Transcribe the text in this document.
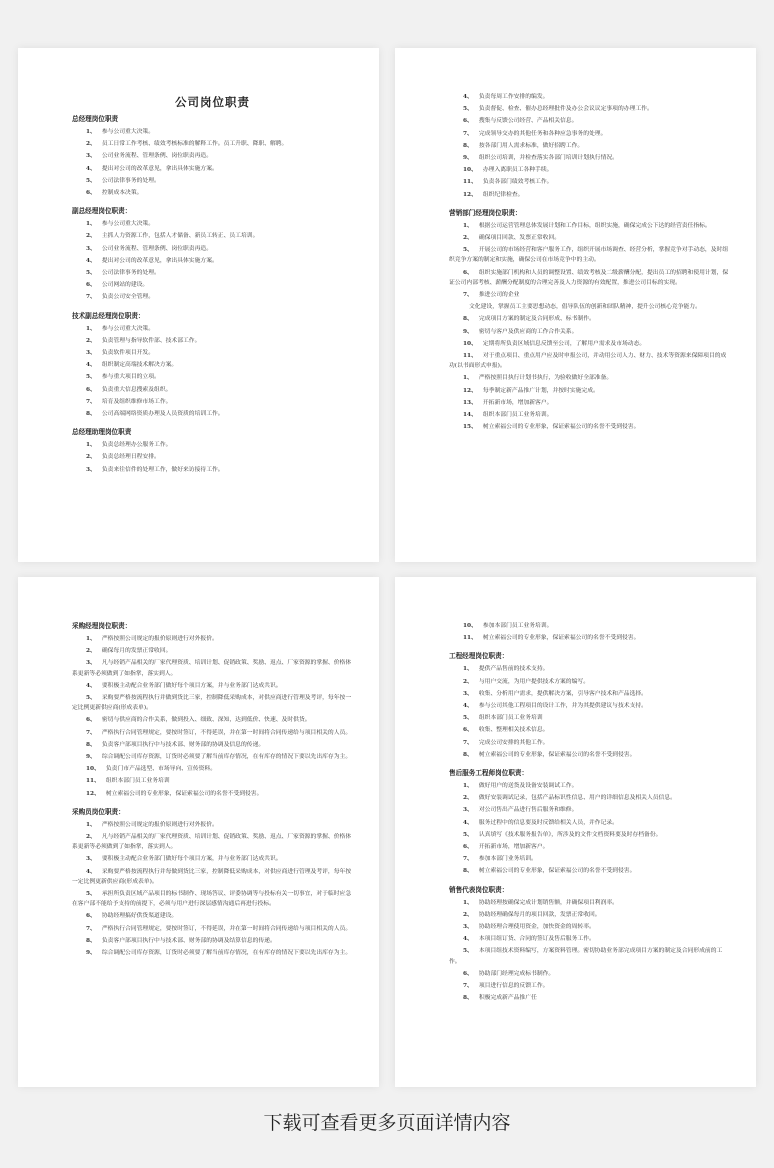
公司岗位职责
总经理岗位职责
1、 参与公司重大决策。
2、 员工日常工作考核、绩效考核标准的解释工作。员工升职、降职、解聘。
3、 公司业务流程、管理条例、岗位职责再造。
4、 提出对公司的改革意见，拿出具体实施方案。
5、 公司法律事务的处理。
6、 控制成本决策。
副总经理岗位职责：
1、 参与公司重大决策。
2、 主抓人力资源工作，包括人才储备、新员工转正、员工培训。
3、 公司业务流程、管理条例、岗位职责再造。
4、 提出对公司的改革意见，拿出具体实施方案。
5、 公司法律事务的处理。
6、 公司网站的建设。
7、 负责公司安全管理。
技术副总经理岗位职责：
1、 参与公司重大决策。
2、 负责管理与指导软件部、技术部工作。
3、 负责软件项目开发。
4、 组织制定高端技术解决方案。
5、 参与重大项目的立项。
6、 负责重大信息搜索及组织。
7、 培育及组织维修市场工作。
8、 公司高端网络资质办理及人员资质的培训工作。
总经理助理岗位职责
1、 负责总经理办公服务工作。
2、 负责总经理日程安排。
3、 负责来往信件的处理工作，做好来访接待工作。
4、 负责每周工作安排的编发。
5、 负责督促、检查、催办总经理批件及办公会议议定事项的办理工作。
6、 搜集与反馈公司经营、产品相关信息。
7、 完成领导交办的其他任务和各种应急事务的处理。
8、 按各部门用人需求标准，做好招聘工作。
9、 组织公司培训，并检查落实各部门培训计划执行情况。
10、 办理入离职员工各种手续。
11、 负责各部门绩效考核工作。
12、 组织纪律检查。
营销部门经理岗位职责：
1、 根据公司运营管理总体发展计划和工作目标，组织实施，确保完成公下达的经营责任指标。
2、 确保项目回款、发票正常收回。
5、 开展公司的市场经营和客户服务工作，组织开展市场调查、经营分析，掌握竞争对手动态，及时组织竞争方案的制定和实施，确保公司在市场竞争中的主动。
6、 组织实施部门机构和人员的调整设置、绩效考核及二级薪酬分配，提出员工的招聘和使用计划，保证公司内部考核、薪酬分配制度的合理完善及人力资源的有效配置，推进公司目标的实现。
7、 推进公司的企业
文化建设，掌握员工主要思想动态，倡导队伍的创新和团队精神，提升公司核心竞争能力。
8、 完成项目方案的制定及合同形成、标书制作。
9、 密切与客户及供应商的工作合作关系。
10、 定期将所负责区域信息反馈至公司，了解用户需求及市场动态。
11、 对于重点项目、重点用户应及时申报公司，并动用公司人力、财力、技术等资源来保障项目的成功(以书面形式申报)。
1、 严格按照目执行计划书执行，为验收做好全部准备。
12、 每季制定新产品推广计划，并按时实施完成。
13、 开拓新市场，增加新客户。
14、 组织本部门员工业务培训。
15、 树立索福公司的专业形象，保证索福公司的名誉不受到侵害。
采购经理岗位职责：
1、 严格按照公司规定的报价原则进行对外报价。
2、 确保每月的发票正常收回。
3、 凡与经销产品相关的厂家代理资质、培训计划、促销政策、奖励、返点、厂家资源的掌握、价格体系更新等必须做到了如指掌，落实到人。
4、 要积极主动配合业务部门做好每个项目方案，并与业务部门达成共识。
5、 采购要严格按流程执行并做到货比三家，控制降低采购成本，对供应商进行管理及考评，每年按一定比例更新供应商(形成表单)。
6、 密切与供应商的合作关系，做到投入、细致、深知，达到低价、快速、及时供货。
7、 严格执行合同管理规定，要按时签订，不得延误，并在第一时间将合同传递给与项目相关的人员。
8、 负责客户部项目执行中与技术部、财务部的协调及信息的传递。
9、 综合调配公司库存资源，订货时必须要了解当前库存情况，在有库存的情况下要以先出库存为主。
10、 负责门市产品选型、市场导向、宣传资料。
11、 组织本部门员工业务培训
12、 树立索福公司的专业形象，保证索福公司的名誉不受到侵害。
采购员岗位职责：
1、 严格按照公司规定的报价原则进行对外报价。
2、 凡与经销产品相关的厂家代理资质、培训计划、促销政策、奖励、返点、厂家资源的掌握、价格体系更新等必须做到了如指掌，落实到人。
3、 要积极主动配合业务部门做好每个项目方案，并与业务部门达成共识。
4、 采购要严格按流程执行并每做到货比三家，控制降低采购成本，对供应商进行管理及考评，每年按一定比例更新供应商(形成表单)。
5、 承担所负责区域产品项目的标书制作、现场答议、评委协调等与投标有关一切事宜，对于临时应急在客户部不能给予支持的前提下，必须与用户进行深层感情沟通后再进行投标。
6、 协助经理搞好供货渠道建设。
7、 严格执行合同管理规定，要按时签订，不得延误，并在第一时间将合同传递给与项目相关的人员。
8、 负责客户部项目执行中与技术部、财务部的协调及结算信息的传递。
9、 综合调配公司库存资源，订货时必须要了解当前库存情况，在有库存的情况下要以先出库存为主。
10、 参加本部门员工业务培训。
11、 树立索福公司的专业形象，保证索福公司的名誉不受到侵害。
工程经理岗位职责：
1、 提供产品售前的技术支持。
2、 与用户交流，为用户提供技术方案的编写。
3、 收集、分析用户需求，提供解决方案，引导客户技术和产品选择。
4、 参与公司其他工程项目的设计工作，并为其提供建议与技术支持。
5、 组织本部门员工业务培训
6、 收集、整理相关技术信息。
7、 完成公司安排的其他工作。
8、 树立索福公司的专业形象，保证索福公司的名誉不受到侵害。
售后服务工程师岗位职责：
1、 做好用户的送货及设备安装调试工作。
2、 做好安装调试记录，包括产品标识性信息、用户的详细信息及相关人员信息。
3、 对公司售出产品进行售后服务和维修。
4、 服务过程中的信息要及时反馈给相关人员，并作记录。
5、 认真填写《技术服务报告单》，所涉及的文件文档资料要及时存档备份。
6、 开拓新市场，增加新客户。
7、 参加本部门业务培训。
8、 树立索福公司的专业形象，保证索福公司的名誉不受到侵害。
销售代表岗位职责：
1、 协助经理按确保完成计划销售额，并确保项目利润率。
2、 协助经理确保每月的项目回款，发票正常收回。
3、 协助经理合理使用资金，加快资金的周转率。
4、 本项目组订货、合同的签订及售后服务工作。
5、 本项目组技术资料编写，方案资料管理。密切协助业务部完成项目方案的制定及合同形成前的工作。
6、 协助部门经理完成标书制作。
7、 项目进行信息的反馈工作。
8、 积极完成新产品推广任
下载可查看更多页面详情内容
